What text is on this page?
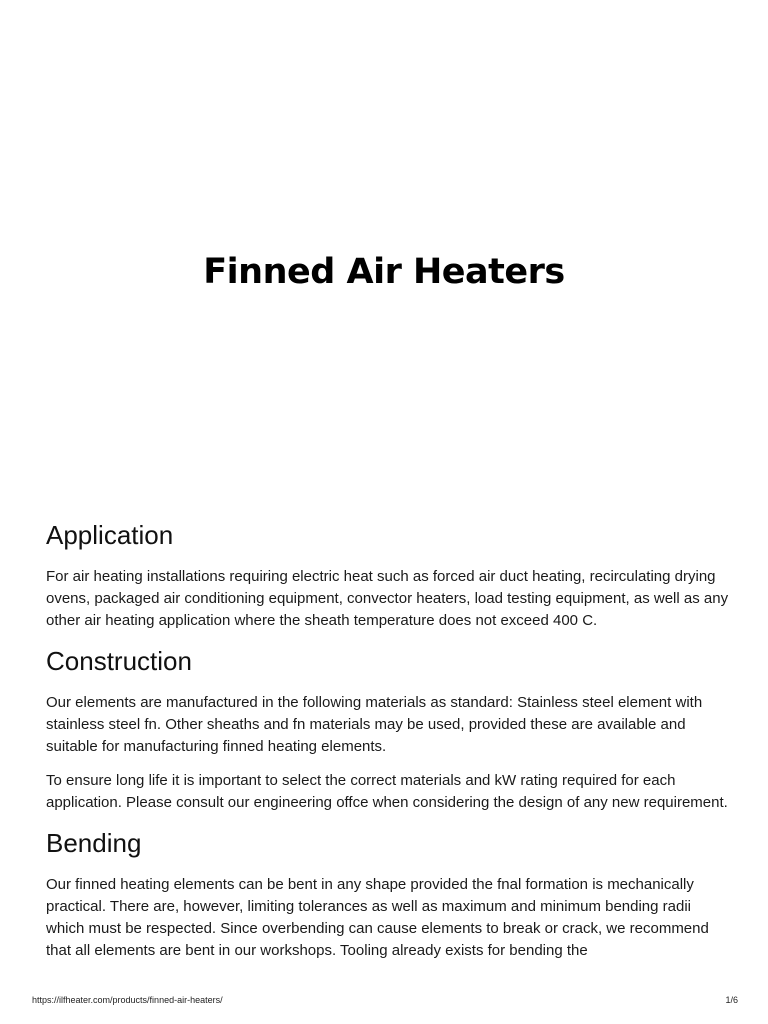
Finned Air Heaters
Application

For air heating installations requiring electric heat such as forced air duct heating, recirculating drying ovens, packaged air conditioning equipment, convector heaters, load testing equipment, as well as any other air heating application where the sheath temperature does not exceed 400 C.

Construction

Our elements are manufactured in the following materials as standard: Stainless steel element with stainless steel fn. Other sheaths and fn materials may be used, provided these are available and suitable for manufacturing finned heating elements.

To ensure long life it is important to select the correct materials and kW rating required for each application. Please consult our engineering offce when considering the design of any new requirement.

Bending

Our finned heating elements can be bent in any shape provided the fnal formation is mechanically practical. There are, however, limiting tolerances as well as maximum and minimum bending radii which must be respected. Since overbending can cause elements to break or crack, we recommend that all elements are bent in our workshops. Tooling already exists for bending the

https://ilfheater.com/products/finned-air-heaters/	1/6
